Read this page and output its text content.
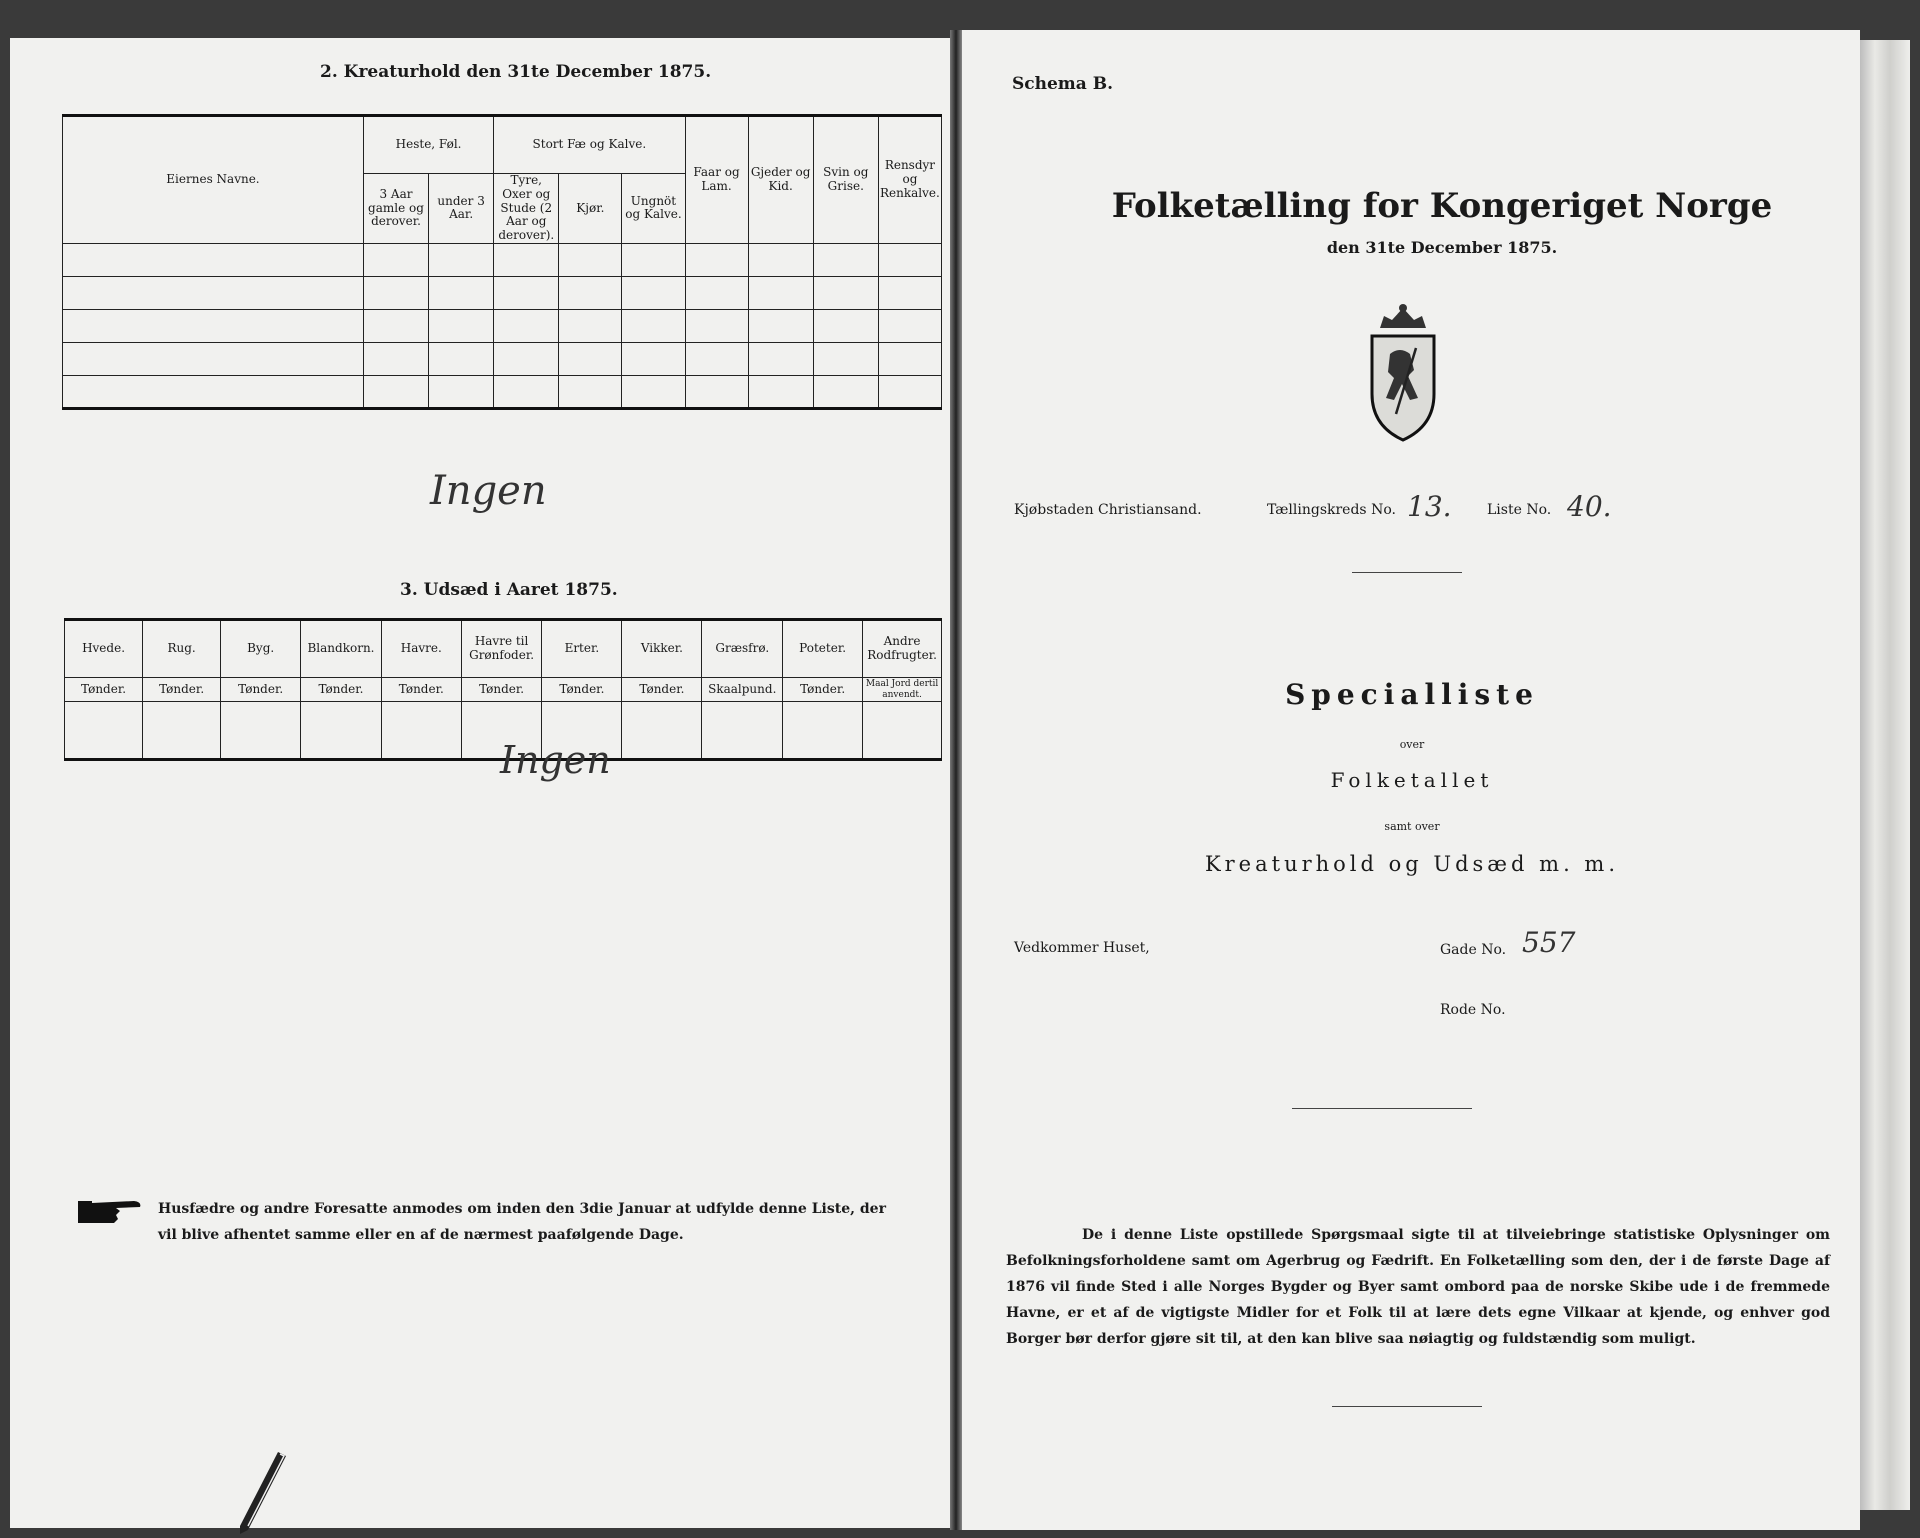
2. Kreaturhold den 31te December 1875.
Eiernes Navne.	Heste, Føl.		Stort Fæ og Kalve.			Faar og Lam.	Gjeder og Kid.	Svin og Grise.	Rensdyr og Renkalve.
	3 Aar gamle og derover.	under 3 Aar.	Tyre, Oxer og Stude (2 Aar og derover).	Kjør.	Ungnöt og Kalve.				

Ingen
3. Udsæd i Aaret 1875.
Hvede.	Rug.	Byg.	Blandkorn.	Havre.	Havre til Grønfoder.	Erter.	Vikker.	Græsfrø.	Poteter.	Andre Rodfrugter.
Tønder.	Tønder.	Tønder.	Tønder.	Tønder.	Tønder.	Tønder.	Tønder.	Skaalpund.	Tønder.	Maal Jord dertil anvendt.

Ingen
Husfædre og andre Foresatte anmodes om inden den 3die Januar at udfylde denne Liste, der vil blive afhentet samme eller en af de nærmest paafølgende Dage.
Schema B.
Folketælling for Kongeriget Norge
den 31te December 1875.
Kjøbstaden Christiansand.	Tællingskreds No. 13.	Liste No. 40.
Specialliste
over
Folketallet
samt over
Kreaturhold og Udsæd m. m.
Vedkommer Huset,	Gade No. 557
Rode No.
De i denne Liste opstillede Spørgsmaal sigte til at tilveiebringe statistiske Oplysninger om Befolkningsforholdene samt om Agerbrug og Fædrift. En Folketælling som den, der i de første Dage af 1876 vil finde Sted i alle Norges Bygder og Byer samt ombord paa de norske Skibe ude i de fremmede Havne, er et af de vigtigste Midler for et Folk til at lære dets egne Vilkaar at kjende, og enhver god Borger bør derfor gjøre sit til, at den kan blive saa nøiagtig og fuldstændig som muligt.
